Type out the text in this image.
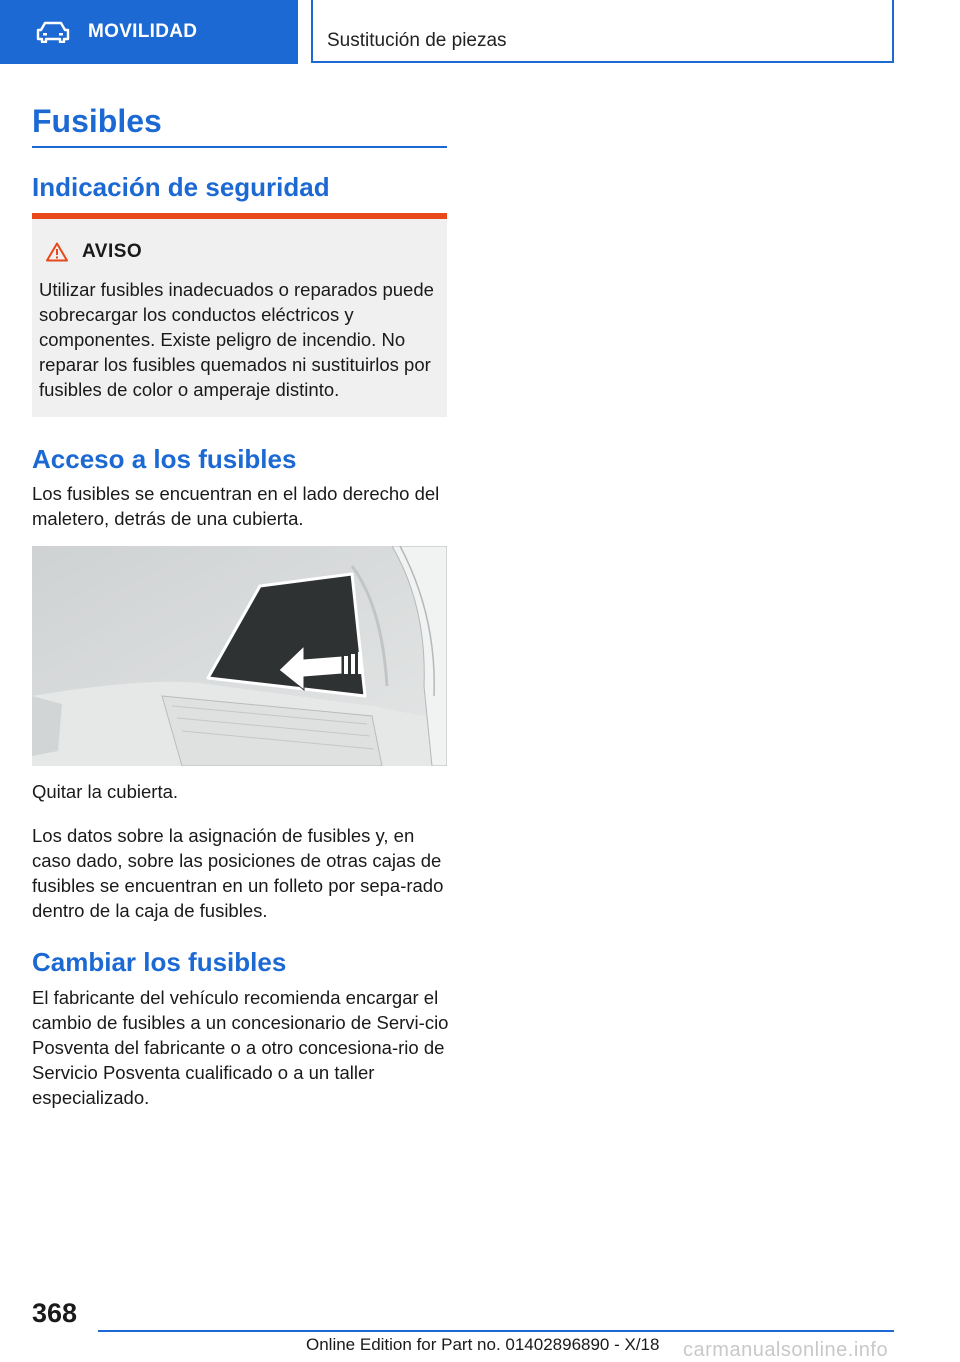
MOVILIDAD	Sustitución de piezas
Fusibles
Indicación de seguridad
AVISO
Utilizar fusibles inadecuados o reparados puede sobrecargar los conductos eléctricos y componentes. Existe peligro de incendio. No reparar los fusibles quemados ni sustituirlos por fusibles de color o amperaje distinto.
Acceso a los fusibles

Los fusibles se encuentran en el lado derecho del maletero, detrás de una cubierta.

Quitar la cubierta.

Los datos sobre la asignación de fusibles y, en caso dado, sobre las posiciones de otras cajas de fusibles se encuentran en un folleto por sepa‑rado dentro de la caja de fusibles.

Cambiar los fusibles

El fabricante del vehículo recomienda encargar el cambio de fusibles a un concesionario de Servi‑cio Posventa del fabricante o a otro concesiona‑rio de Servicio Posventa cualificado o a un taller especializado.

368
Online Edition for Part no. 01402896890 - X/18 carmanualsonline.info
